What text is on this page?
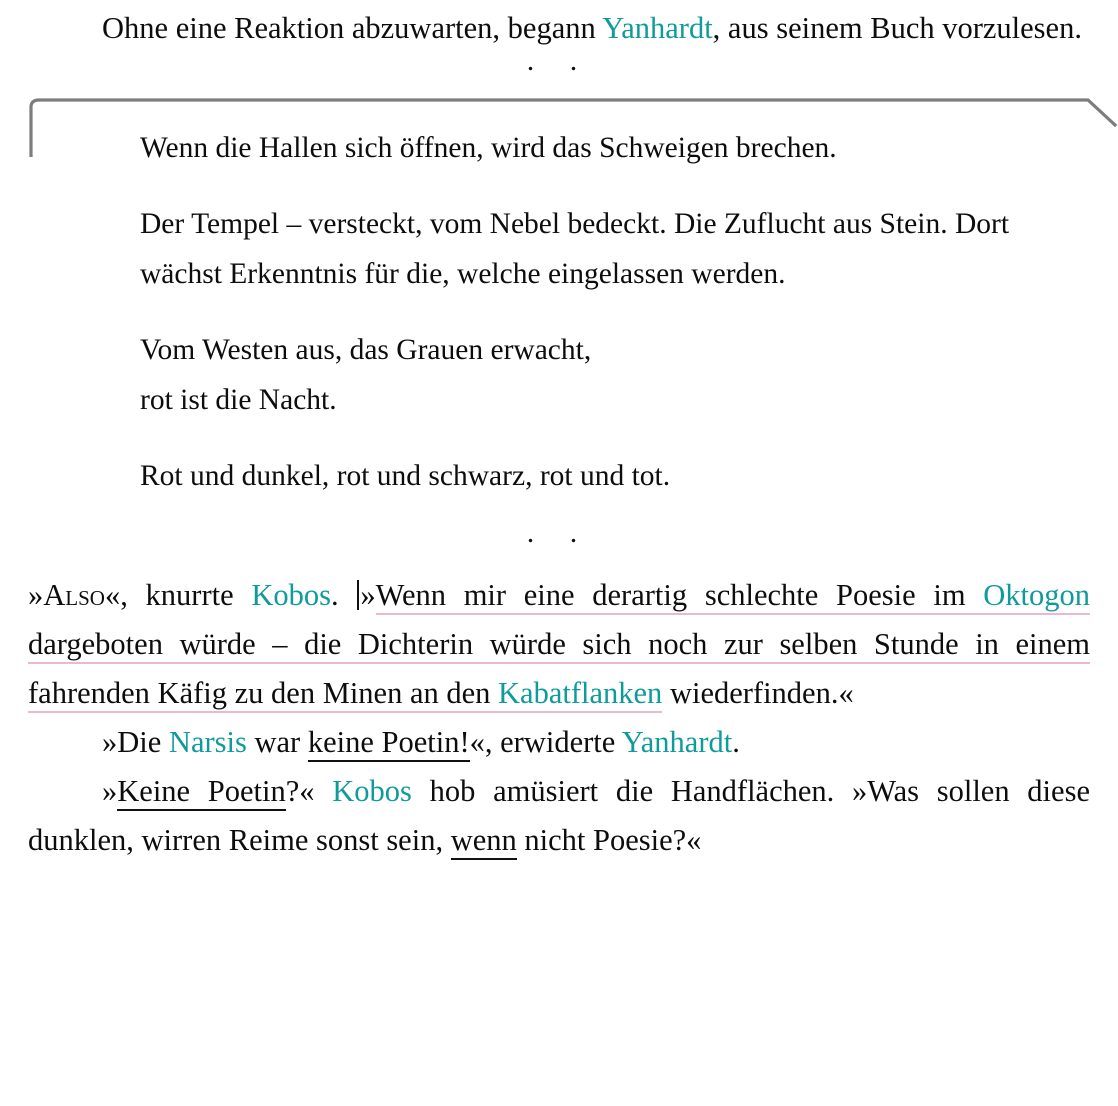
Ohne eine Reaktion abzuwarten, begann Yanhardt, aus seinem Buch vorzulesen.

. .

Wenn die Hallen sich öffnen, wird das Schweigen brechen.

Der Tempel – versteckt, vom Nebel bedeckt. Die Zuflucht aus Stein. Dort wächst Erkenntnis für die, welche eingelassen werden.

Vom Westen aus, das Grauen erwacht,
rot ist die Nacht.

Rot und dunkel, rot und schwarz, rot und tot.

. .

»Also«, knurrte Kobos. »Wenn mir eine derartig schlechte Poesie im Oktogon dargeboten würde – die Dichterin würde sich noch zur selben Stunde in einem fahrenden Käfig zu den Minen an den Kabatflanken wiederfinden.«

»Die Narsis war keine Poetin!«, erwiderte Yanhardt.

»Keine Poetin?« Kobos hob amüsiert die Handflächen. »Was sollen diese dunklen, wirren Reime sonst sein, wenn nicht Poesie?«
